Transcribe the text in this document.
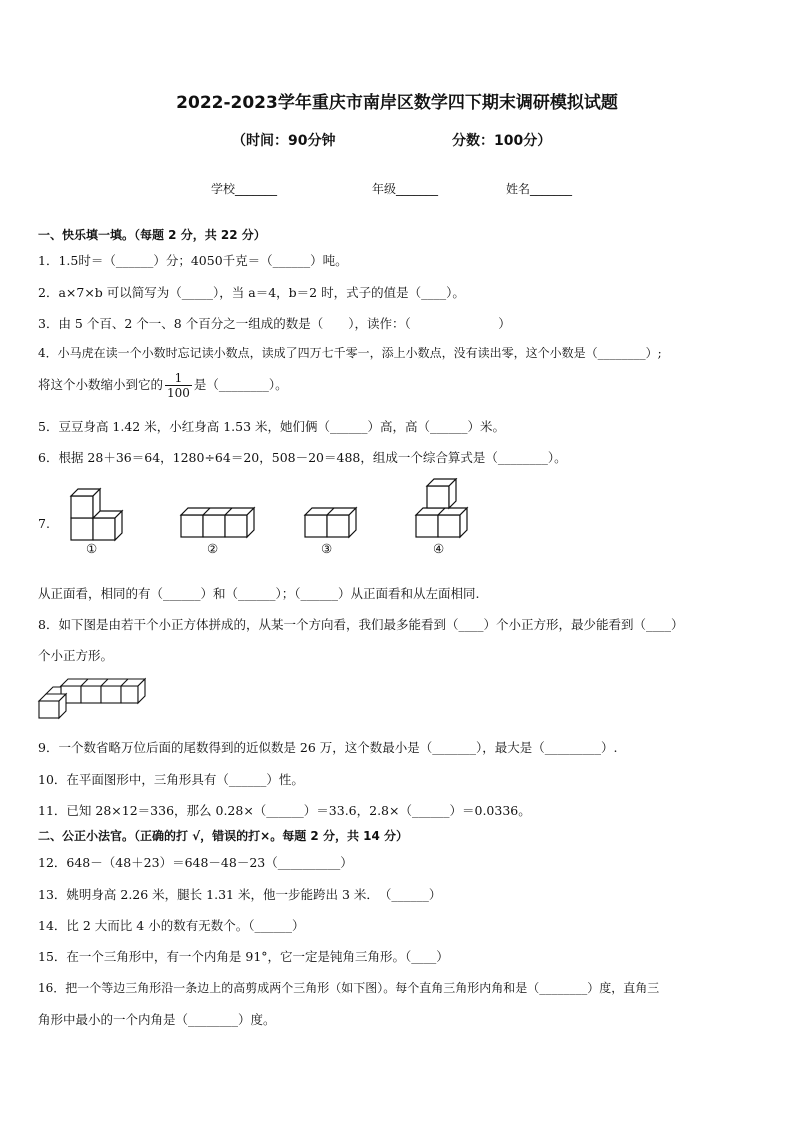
2022-2023学年重庆市南岸区数学四下期末调研模拟试题
（时间：90分钟	分数：100分）
学校_______	年级_______	姓名_______
一、快乐填一填。（每题 2 分，共 22 分）
1．1.5时＝（______）分；4050千克＝（______）吨。
2．a×7×b 可以简写为（_____），当 a＝4，b＝2 时，式子的值是（____）。
3．由 5 个百、2 个一、8 个百分之一组成的数是（　　），读作：（　　　　　　　）
4．小马虎在读一个小数时忘记读小数点，读成了四万七千零一，添上小数点，没有读出零，这个小数是（________）;
将这个小数缩小到它的 $\frac{1}{100}$ 是（________）。
5．豆豆身高 1.42 米，小红身高 1.53 米，她们俩（______）高，高（______）米。
6．根据 28＋36＝64，1280÷64＝20，508－20＝488，组成一个综合算式是（________）。
7.
①	②	③	④
从正面看，相同的有（______）和（______）；（______）从正面看和从左面相同.
8．如下图是由若干个小正方体拼成的，从某一个方向看，我们最多能看到（____）个小正方形，最少能看到（____）
个小正方形。
9．一个数省略万位后面的尾数得到的近似数是 26 万，这个数最小是（_______），最大是（_________）.
10．在平面图形中，三角形具有（______）性。
11．已知 28×12＝336，那么 0.28×（______）＝33.6，2.8×（______）＝0.0336。
二、公正小法官。（正确的打 √，错误的打×。每题 2 分，共 14 分）
12．648－（48＋23）＝648－48－23（__________）
13．姚明身高 2.26 米，腿长 1.31 米，他一步能跨出 3 米．　（______）
14．比 2 大而比 4 小的数有无数个。（______）
15．在一个三角形中，有一个内角是 91°，它一定是钝角三角形。（____）
16．把一个等边三角形沿一条边上的高剪成两个三角形（如下图）。每个直角三角形内角和是（________）度，直角三
角形中最小的一个内角是（________）度。
